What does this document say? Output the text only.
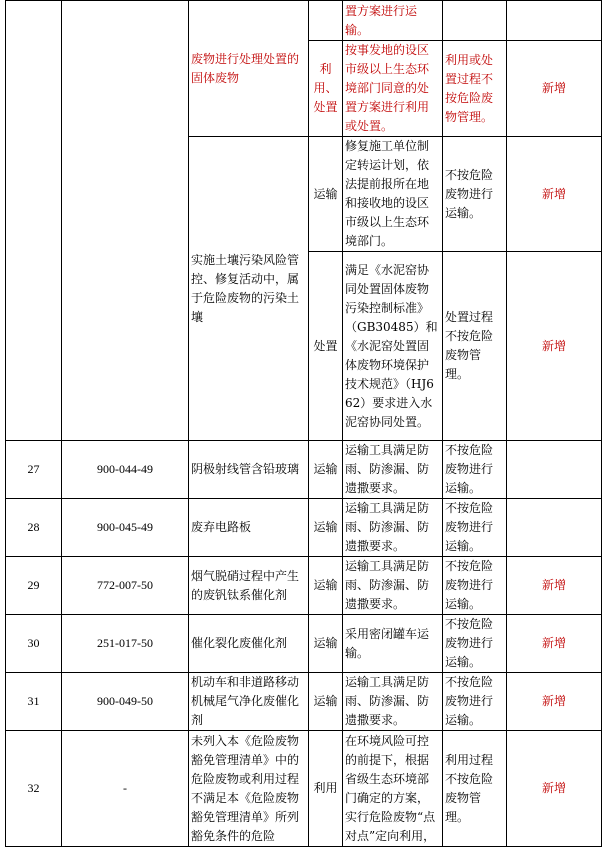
		废物进行处理处置的固体废物		置方案进行运输。		
			利用、处置	按事发地的设区市级以上生态环境部门同意的处置方案进行利用或处置。	利用或处置过程不按危险废物管理。	新增
		实施土壤污染风险管控、修复活动中，属于危险废物的污染土壤	运输	修复施工单位制定转运计划，依法提前报所在地和接收地的设区市级以上生态环境部门。	不按危险废物进行运输。	新增
			处置	满足《水泥窑协同处置固体废物污染控制标准》（GB30485）和《水泥窑处置固体废物环境保护技术规范》（HJ662）要求进入水泥窑协同处置。	处置过程不按危险废物管理。	新增
27	900-044-49	阴极射线管含铅玻璃	运输	运输工具满足防雨、防渗漏、防遗撒要求。	不按危险废物进行运输。	
28	900-045-49	废弃电路板	运输	运输工具满足防雨、防渗漏、防遗撒要求。	不按危险废物进行运输。	
29	772-007-50	烟气脱硝过程中产生的废钒钛系催化剂	运输	运输工具满足防雨、防渗漏、防遗撒要求。	不按危险废物进行运输。	新增
30	251-017-50	催化裂化废催化剂	运输	采用密闭罐车运输。	不按危险废物进行运输。	新增
31	900-049-50	机动车和非道路移动机械尾气净化废催化剂	运输	运输工具满足防雨、防渗漏、防遗撒要求。	不按危险废物进行运输。	新增
32	-	未列入本《危险废物豁免管理清单》中的危险废物或利用过程不满足本《危险废物豁免管理清单》所列豁免条件的危险	利用	在环境风险可控的前提下，根据省级生态环境部门确定的方案，实行危险废物“点对点”定向利用，	利用过程不按危险废物管理。	新增
